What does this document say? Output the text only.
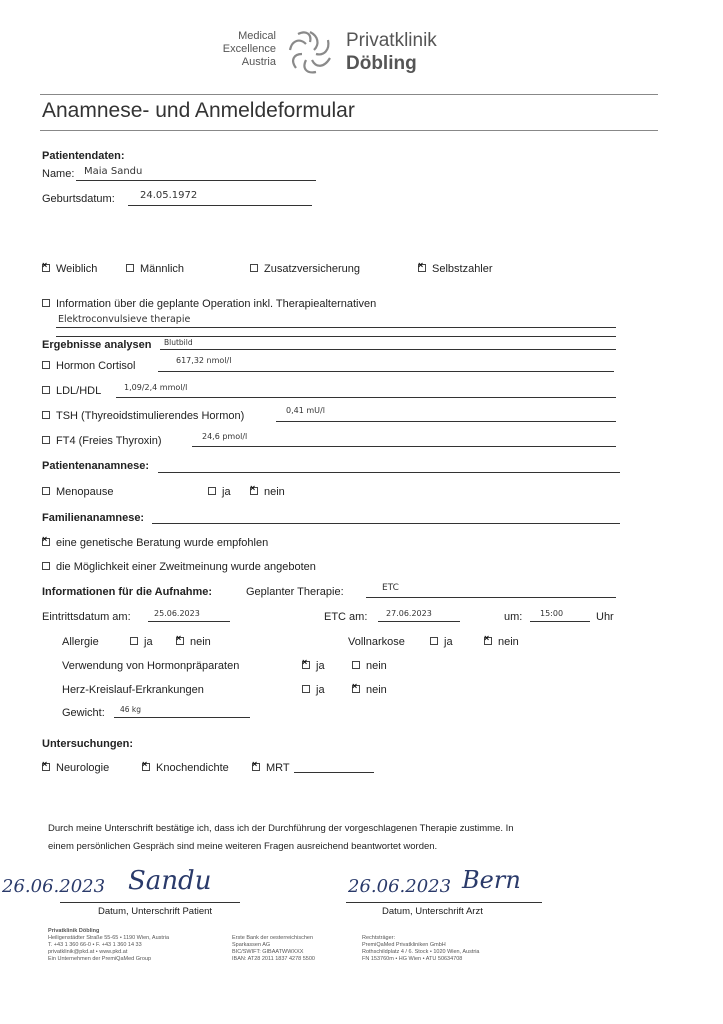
Medical
Excellence
Austria
Privatklinik
Döbling
Anamnese- und Anmeldeformular
Patientendaten:
Name: Maia Sandu
Geburtsdatum:	24.05.1972
×Weiblich	Männlich	Zusatzversicherung ×	Selbstzahler
Information über die geplante Operation inkl. Therapiealternativen
Elektroconvulsieve therapie
Ergebnisse analysen Blutbild
Hormon Cortisol	617,32 nmol/l
LDL/HDL	1,09/2,4 mmol/l
TSH (Thyreoidstimulierendes Hormon)	0,41 mU/l
FT4 (Freies Thyroxin)	24,6 pmol/l
Patientenanamnese:
Menopause	ja ×	nein
Familienanamnese:
×eine genetische Beratung wurde empfohlen
die Möglichkeit einer Zweitmeinung wurde angeboten
Informationen für die Aufnahme:	Geplanter Therapie:	ETC
Eintrittsdatum am:	25.06.2023	ETC am: 27.06.2023	um: 15:00	Uhr
Allergie	ja ×	nein	Vollnarkose	ja ×	nein
Verwendung von Hormonpräparaten ×	ja	nein
Herz-Kreislauf-Erkrankungen	ja ×	nein
Gewicht: 46 kg
Untersuchungen:
×Neurologie ×	Knochendichte ×	MRT
Durch meine Unterschrift bestätige ich, dass ich der Durchführung der vorgeschlagenen Therapie zustimme. In
einem persönlichen Gespräch sind meine weiteren Fragen ausreichend beantwortet worden.
26.06.2023 Sandu
Datum, Unterschrift Patient
26.06.2023 Bern
Datum, Unterschrift Arzt
Privatklinik Döbling
Heiligenstädter Straße 55-65 • 1190 Wien, Austria
T. +43 1 360 66-0 • F. +43 1 360 14 33
privatklinik@pkd.at • www.pkd.at
Ein Unternehmen der PremiQaMed Group
Erste Bank der oesterreichischen
Sparkassen AG
BIC/SWIFT: GIBAATWWXXX
IBAN: AT28 2011 1837 4278 5500
Rechtsträger:
PremiQaMed Privatkliniken GmbH
Rothschildplatz 4 / 6. Stock • 1020 Wien, Austria
FN 153760m • HG Wien • ATU 50634708
